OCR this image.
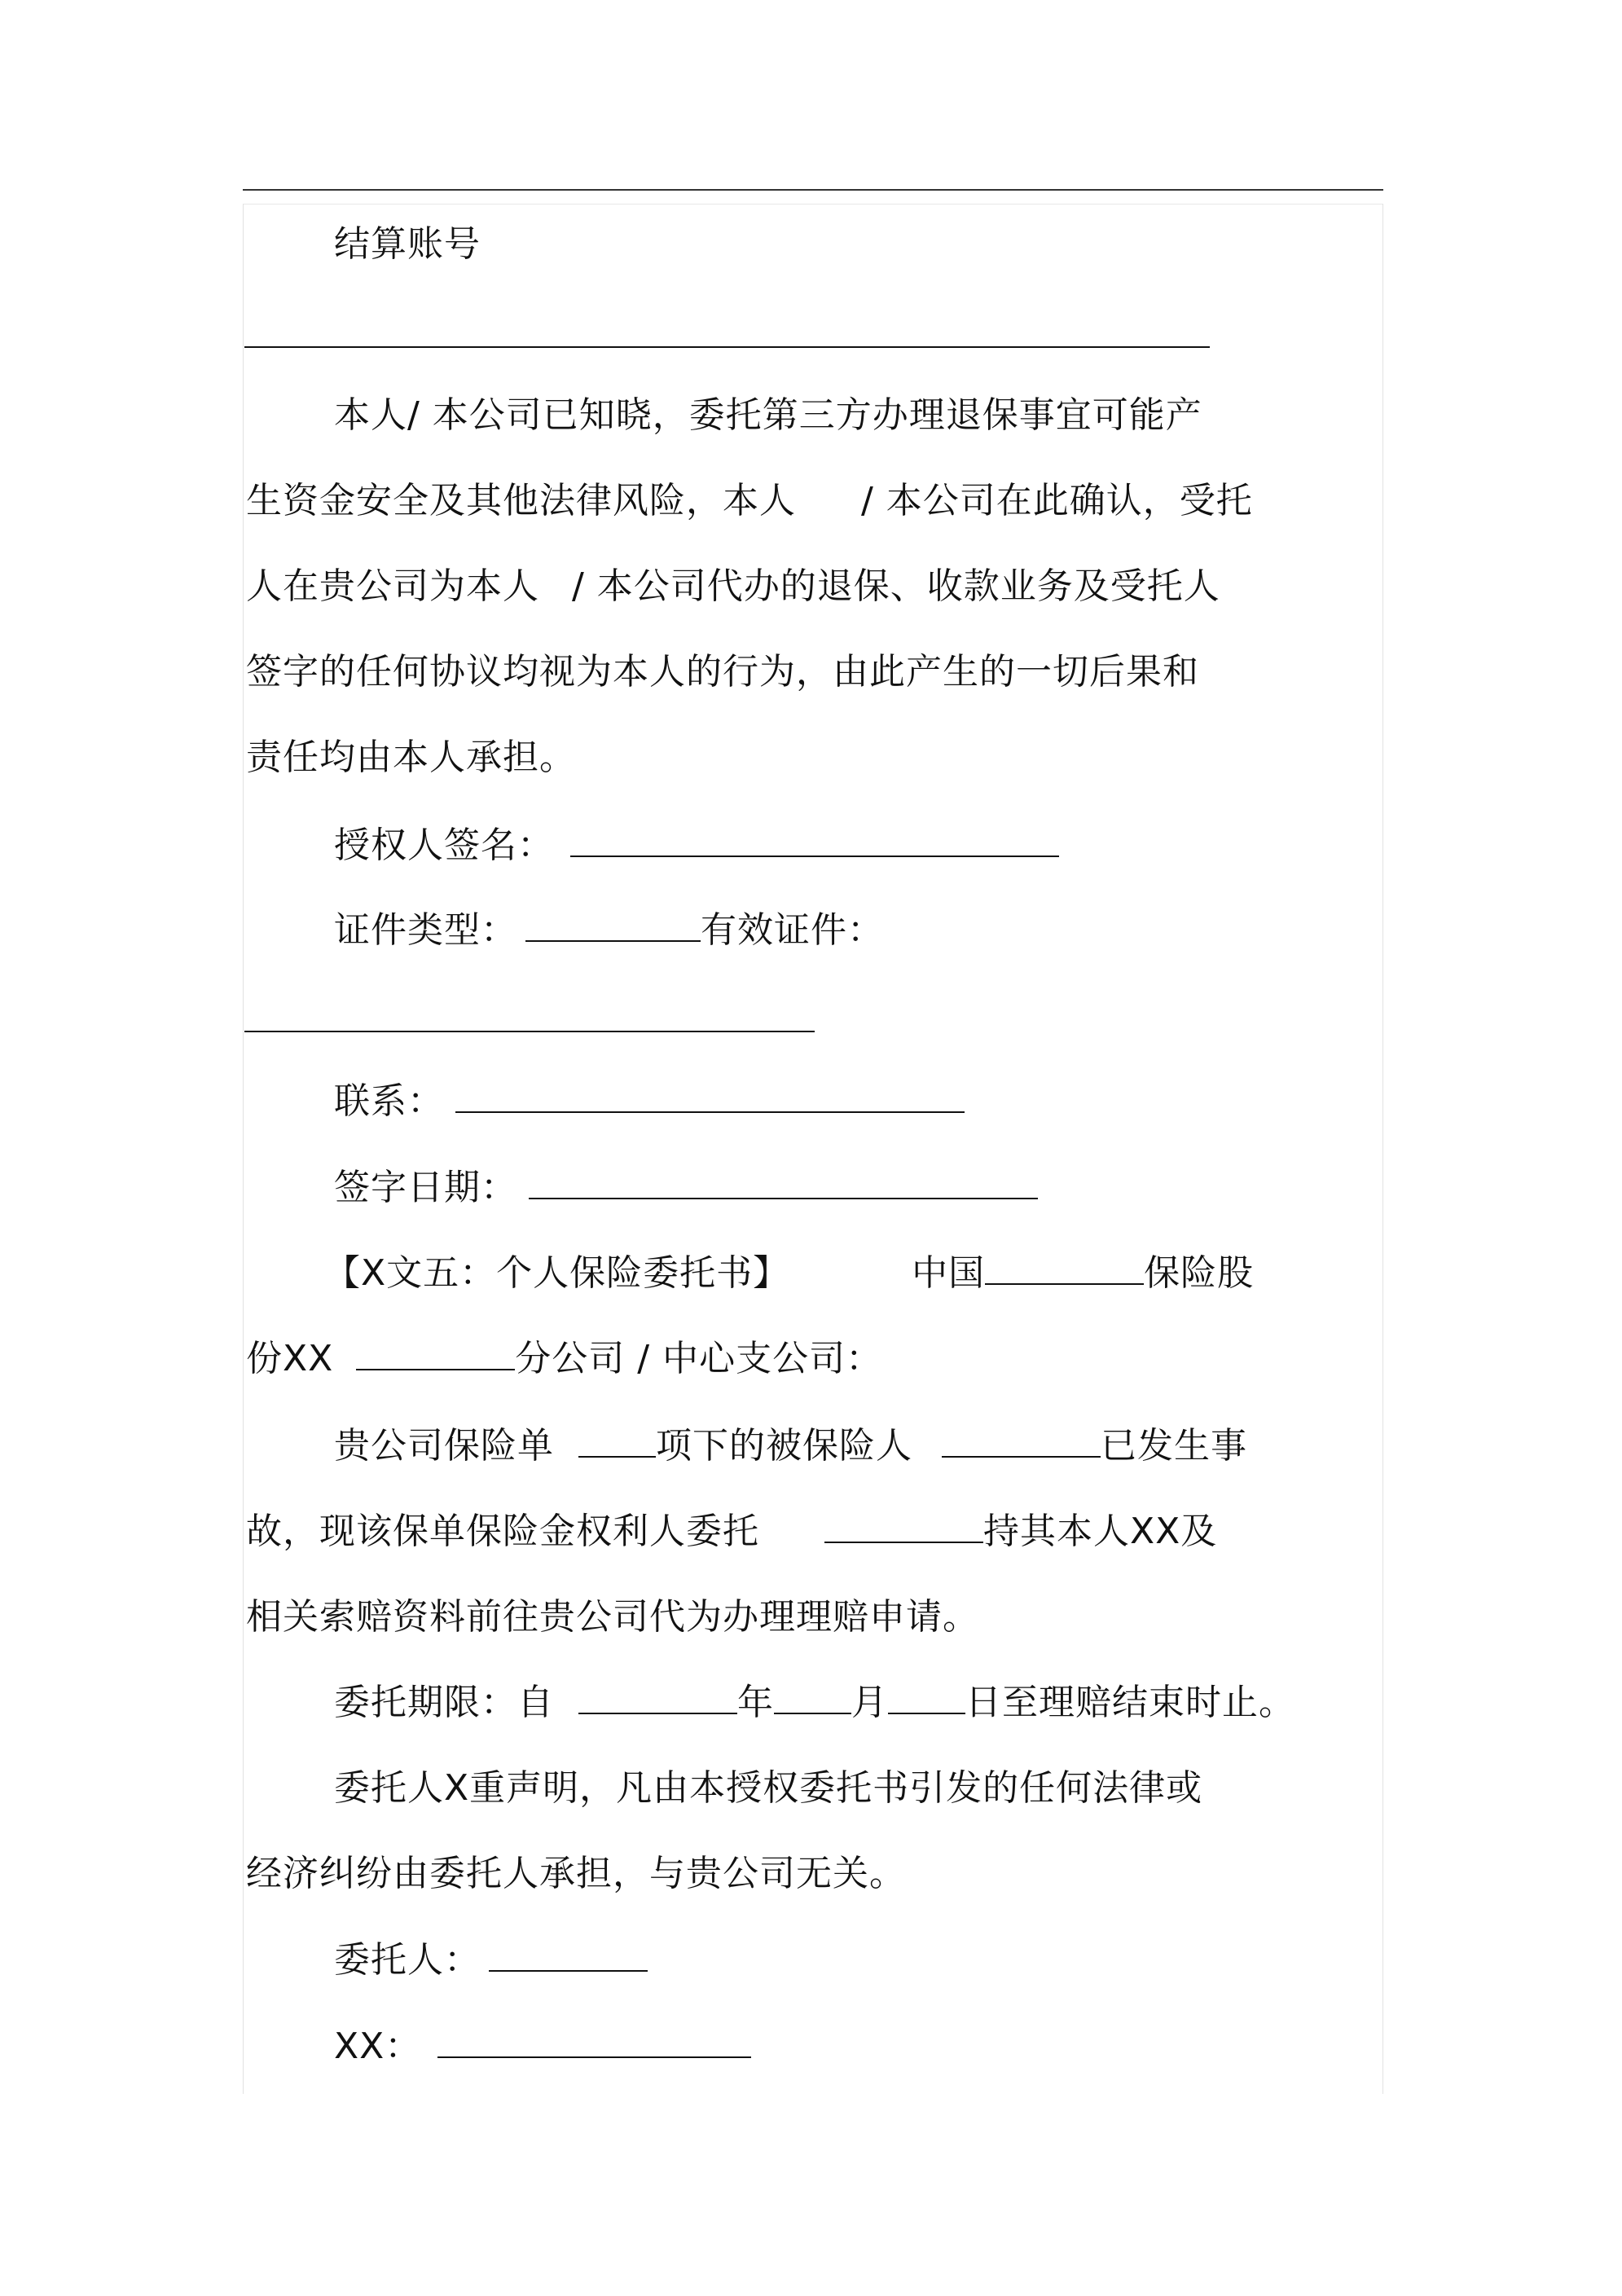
结算账号
本人/ 本公司已知晓，委托第三方办理退保事宜可能产
生资金安全及其他法律风险，本人 / 本公司在此确认，受托
人在贵公司为本人 / 本公司代办的退保、收款业务及受托人
签字的任何协议均视为本人的行为，由此产生的一切后果和
责任均由本人承担。
授权人签名：
证件类型：	有效证件：
联系：
签字日期：
【X文五：个人保险委托书】	中国	保险股
份XX	分公司 / 中心支公司：
贵公司保险单	项下的被保险人	已发生事
故，现该保单保险金权利人委托	持其本人XX及
相关索赔资料前往贵公司代为办理理赔申请。
委托期限：自	年 月 日至理赔结束时止。
委托人X重声明，凡由本授权委托书引发的任何法律或
经济纠纷由委托人承担，与贵公司无关。
委托人：
XX：
